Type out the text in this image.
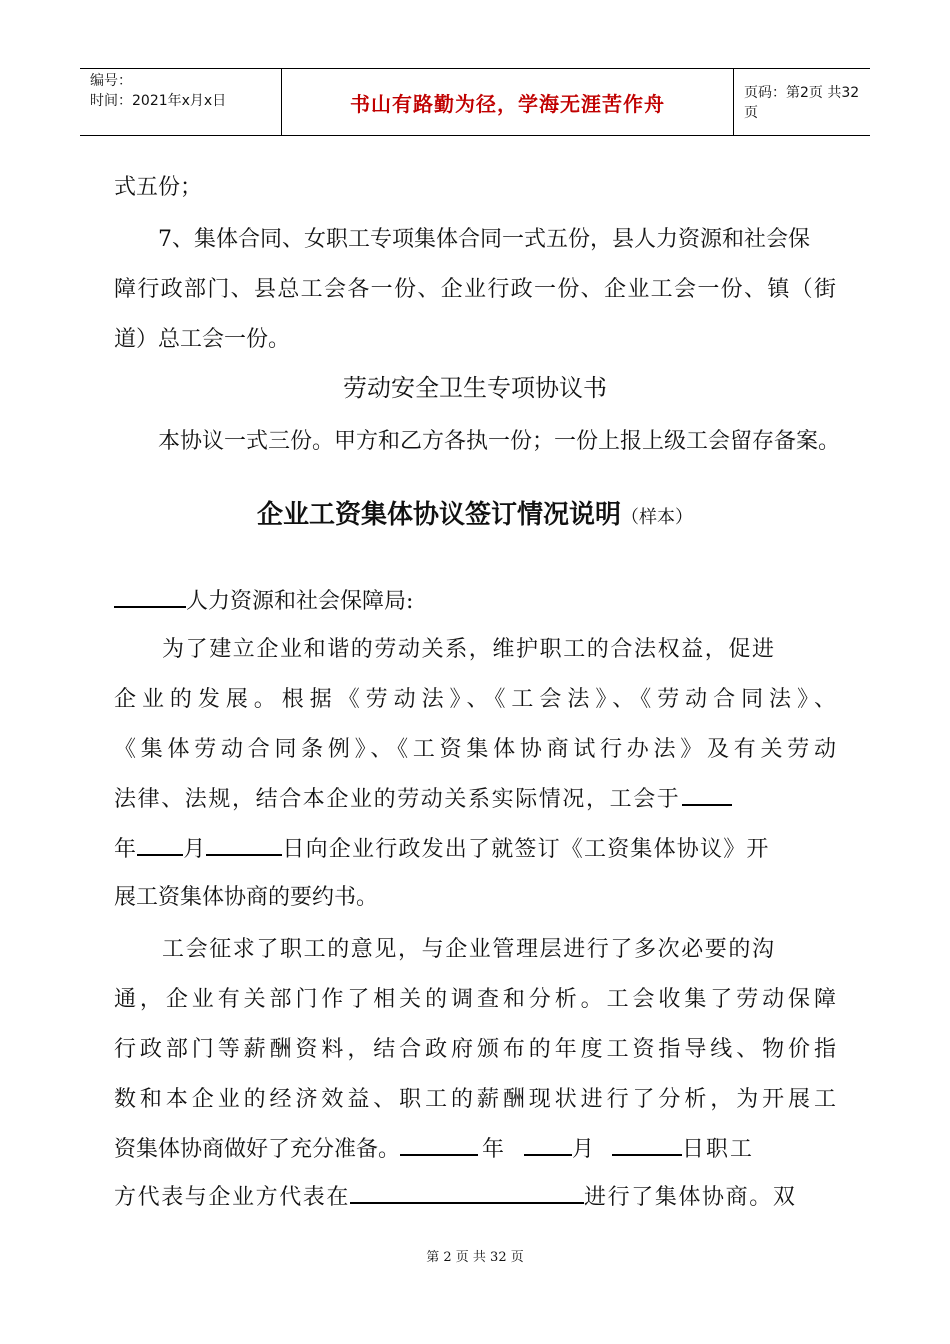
编号：
时间：2021年x月x日	书山有路勤为径，学海无涯苦作舟	页码：第2页 共32页
式五份；
7、集体合同、女职工专项集体合同一式五份，县人力资源和社会保
障行政部门、县总工会各一份、企业行政一份、企业工会一份、镇（街
道）总工会一份。
劳动安全卫生专项协议书
本协议一式三份。甲方和乙方各执一份；一份上报上级工会留存备案。
企业工资集体协议签订情况说明（样本）
人力资源和社会保障局:
为了建立企业和谐的劳动关系，维护职工的合法权益，促进
企业的发展。根据《劳动法》、《工会法》、《劳动合同法》、
《集体劳动合同条例》、《工资集体协商试行办法》及有关劳动
法律、法规，结合本企业的劳动关系实际情况，工会于
年 月	日向企业行政发出了就签订《工资集体协议》开
展工资集体协商的要约书。
工会征求了职工的意见，与企业管理层进行了多次必要的沟
通，企业有关部门作了相关的调查和分析。工会收集了劳动保障
行政部门等薪酬资料，结合政府颁布的年度工资指导线、物价指
数和本企业的经济效益、职工的薪酬现状进行了分析，为开展工
资集体协商做好了充分准备。	年	月	日职工
方代表与企业方代表在	进行了集体协商。双
第 2 页 共 32 页
